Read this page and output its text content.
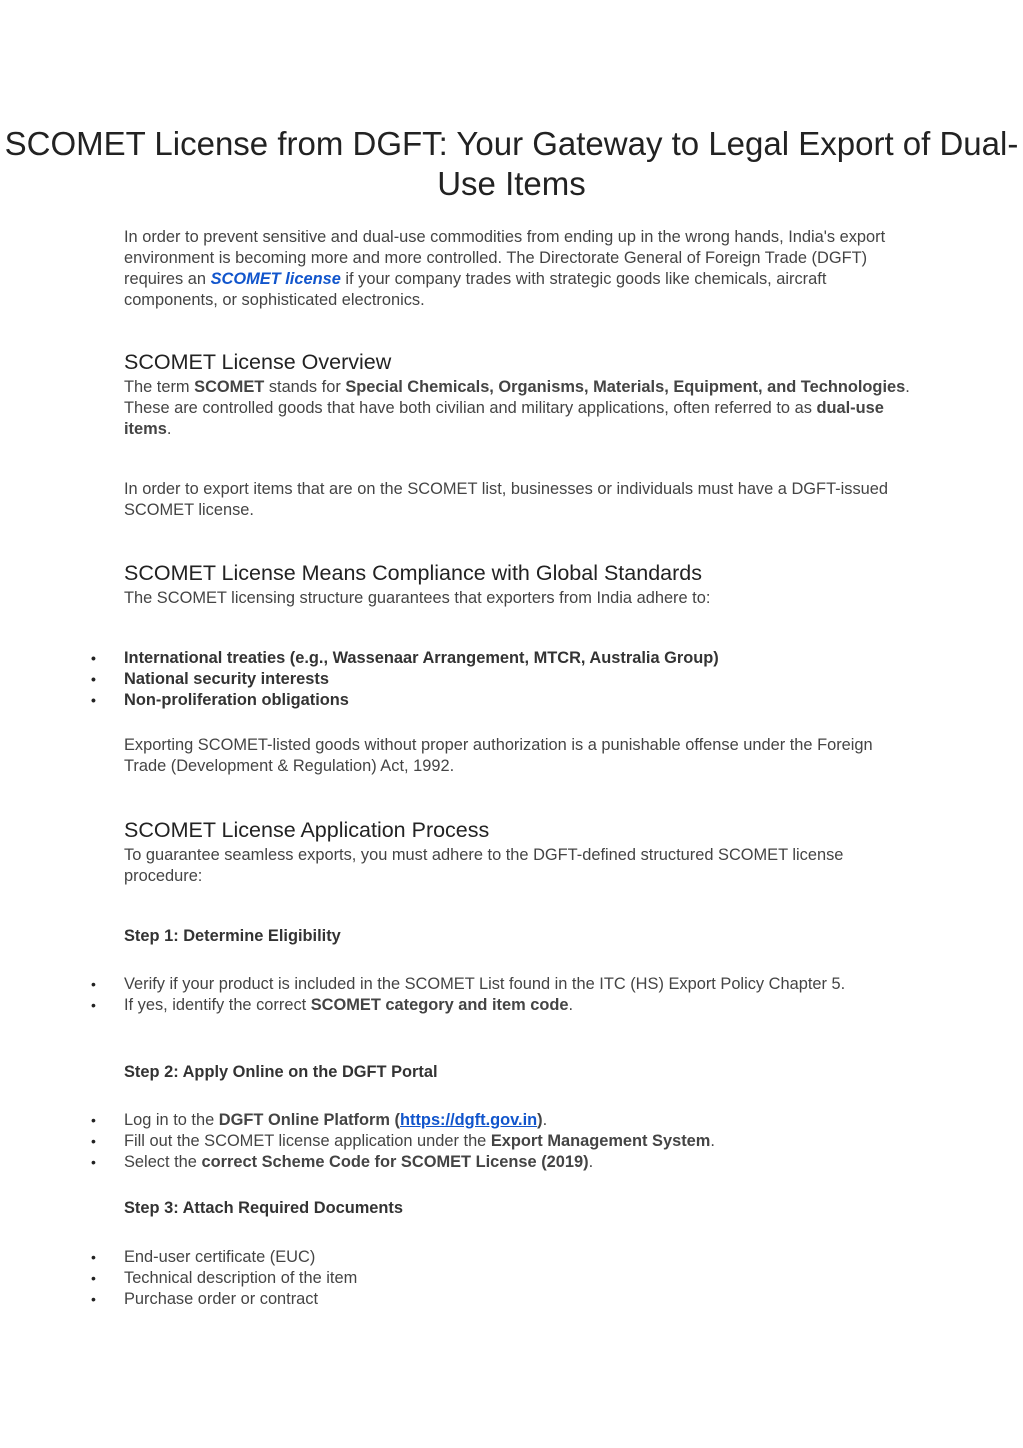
SCOMET License from DGFT: Your Gateway to Legal Export of Dual-Use Items

In order to prevent sensitive and dual-use commodities from ending up in the wrong hands, India's export environment is becoming more and more controlled. The Directorate General of Foreign Trade (DGFT) requires an SCOMET license if your company trades with strategic goods like chemicals, aircraft components, or sophisticated electronics.

SCOMET License Overview

The term SCOMET stands for Special Chemicals, Organisms, Materials, Equipment, and Technologies. These are controlled goods that have both civilian and military applications, often referred to as dual-use items.

In order to export items that are on the SCOMET list, businesses or individuals must have a DGFT-issued SCOMET license.

SCOMET License Means Compliance with Global Standards

The SCOMET licensing structure guarantees that exporters from India adhere to:

• International treaties (e.g., Wassenaar Arrangement, MTCR, Australia Group)
• National security interests
• Non-proliferation obligations

Exporting SCOMET-listed goods without proper authorization is a punishable offense under the Foreign Trade (Development & Regulation) Act, 1992.

SCOMET License Application Process

To guarantee seamless exports, you must adhere to the DGFT-defined structured SCOMET license procedure:

Step 1: Determine Eligibility

• Verify if your product is included in the SCOMET List found in the ITC (HS) Export Policy Chapter 5.
• If yes, identify the correct SCOMET category and item code.

Step 2: Apply Online on the DGFT Portal

• Log in to the DGFT Online Platform (https://dgft.gov.in).
• Fill out the SCOMET license application under the Export Management System.
• Select the correct Scheme Code for SCOMET License (2019).

Step 3: Attach Required Documents

• End-user certificate (EUC)
• Technical description of the item
• Purchase order or contract
